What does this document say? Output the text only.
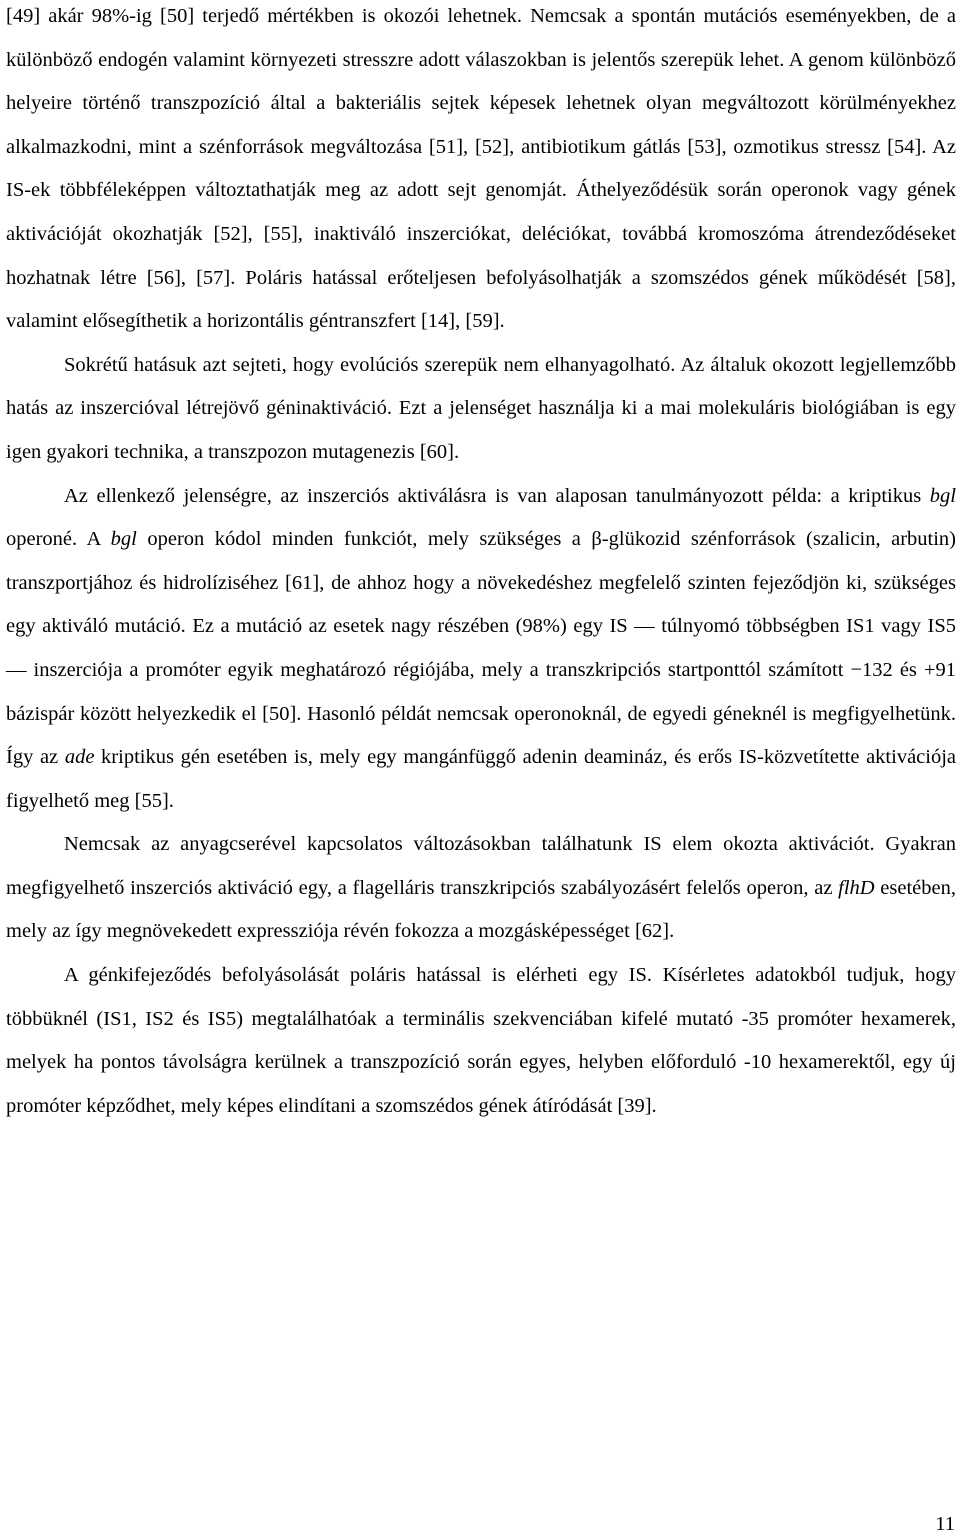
[49] akár 98%-ig [50] terjedő mértékben is okozói lehetnek. Nemcsak a spontán mutációs eseményekben, de a különböző endogén valamint környezeti stresszre adott válaszokban is jelentős szerepük lehet. A genom különböző helyeire történő transzpozíció által a bakteriális sejtek képesek lehetnek olyan megváltozott körülményekhez alkalmazkodni, mint a szénforrások megváltozása [51], [52], antibiotikum gátlás [53], ozmotikus stressz [54]. Az IS-ek többféleképpen változtathatják meg az adott sejt genomját. Áthelyeződésük során operonok vagy gének aktivációját okozhatják [52], [55], inaktiváló inszerciókat, deléciókat, továbbá kromoszóma átrendeződéseket hozhatnak létre [56], [57]. Poláris hatással erőteljesen befolyásolhatják a szomszédos gének működését [58], valamint elősegíthetik a horizontális géntranszfert [14], [59].

Sokrétű hatásuk azt sejteti, hogy evolúciós szerepük nem elhanyagolható. Az általuk okozott legjellemzőbb hatás az inszercióval létrejövő géninaktiváció. Ezt a jelenséget használja ki a mai molekuláris biológiában is egy igen gyakori technika, a transzpozon mutagenezis [60].

Az ellenkező jelenségre, az inszerciós aktiválásra is van alaposan tanulmányozott példa: a kriptikus bgl operoné. A bgl operon kódol minden funkciót, mely szükséges a β-glükozid szénforrások (szalicin, arbutin) transzportjához és hidrolíziséhez [61], de ahhoz hogy a növekedéshez megfelelő szinten fejeződjön ki, szükséges egy aktiváló mutáció. Ez a mutáció az esetek nagy részében (98%) egy IS — túlnyomó többségben IS1 vagy IS5 — inszerciója a promóter egyik meghatározó régiójába, mely a transzkripciós startponttól számított −132 és +91 bázispár között helyezkedik el [50]. Hasonló példát nemcsak operonoknál, de egyedi géneknél is megfigyelhetünk. Így az ade kriptikus gén esetében is, mely egy mangánfüggő adenin deamináz, és erős IS-közvetítette aktivációja figyelhető meg [55].

Nemcsak az anyagcserével kapcsolatos változásokban találhatunk IS elem okozta aktivációt. Gyakran megfigyelhető inszerciós aktiváció egy, a flagelláris transzkripciós szabályozásért felelős operon, az flhD esetében, mely az így megnövekedett expressziója révén fokozza a mozgásképességet [62].

A génkifejeződés befolyásolását poláris hatással is elérheti egy IS. Kísérletes adatokból tudjuk, hogy többüknél (IS1, IS2 és IS5) megtalálhatóak a terminális szekvenciában kifelé mutató -35 promóter hexamerek, melyek ha pontos távolságra kerülnek a transzpozíció során egyes, helyben előforduló -10 hexamerektől, egy új promóter képződhet, mely képes elindítani a szomszédos gének átíródását [39].

11
